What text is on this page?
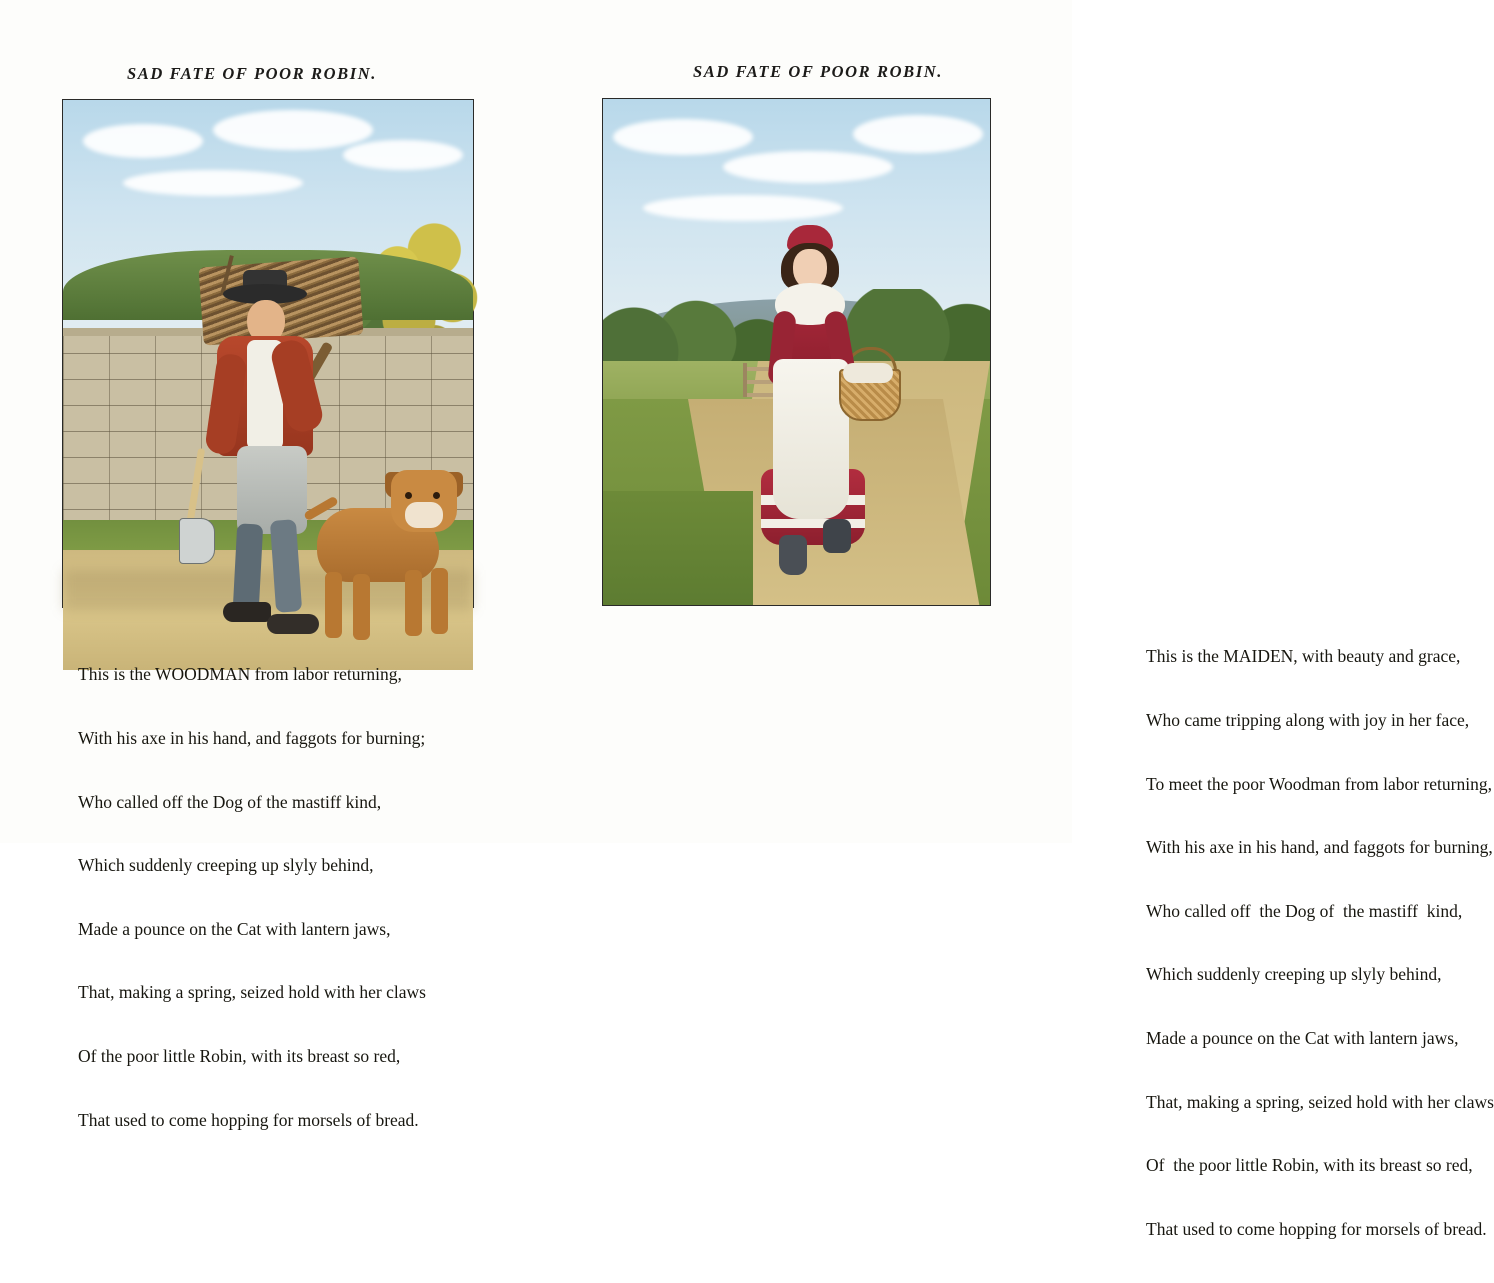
SAD FATE OF POOR ROBIN.

This is the WOODMAN from labor returning,

With his axe in his hand, and faggots for burning;

Who called off the Dog of the mastiff kind,

Which suddenly creeping up slyly behind,

Made a pounce on the Cat with lantern jaws,

That, making a spring, seized hold with her claws

Of the poor little Robin, with its breast so red,

That used to come hopping for morsels of bread.

SAD FATE OF POOR ROBIN.

This is the MAIDEN, with beauty and grace,

Who came tripping along with joy in her face,

To meet the poor Woodman from labor returning,

With his axe in his hand, and faggots for burning,

Who called off  the Dog of  the mastiff  kind,

Which suddenly creeping up slyly behind,

Made a pounce on the Cat with lantern jaws,

That, making a spring, seized hold with her claws

Of  the poor little Robin, with its breast so red,

That used to come hopping for morsels of bread.
